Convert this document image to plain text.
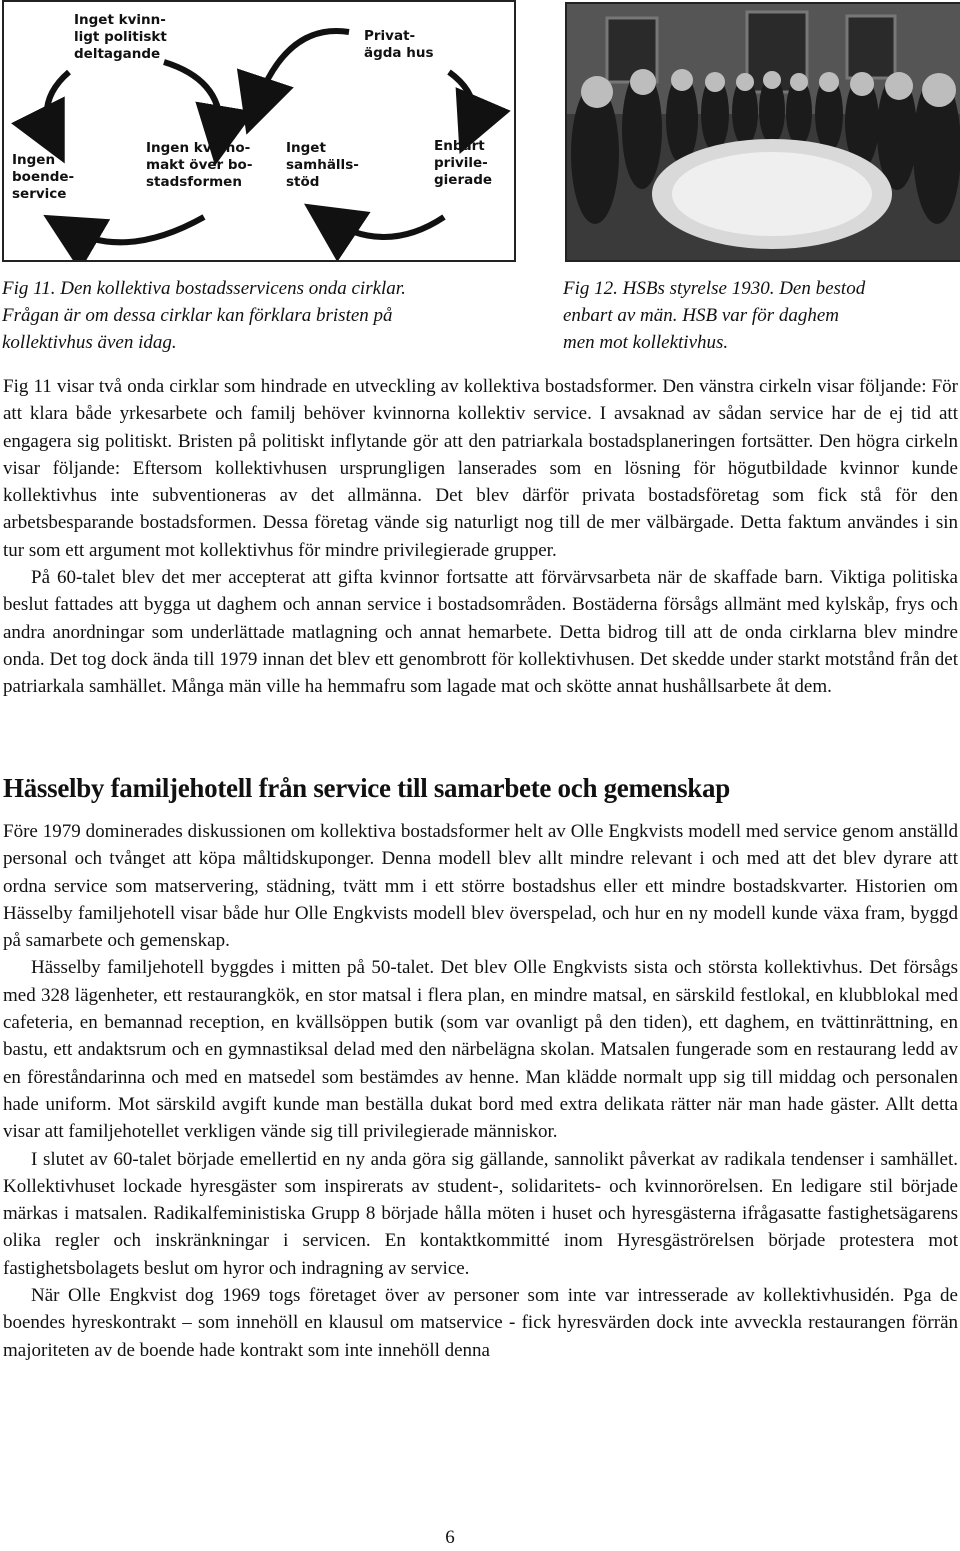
Inget kvinn- ligt politiskt deltagande
Ingen boende- service
Ingen kvinno- makt över bo- stadsformen
Inget samhälls- stöd
Privat- ägda hus
Enbart privile- gierade
Fig 11. Den kollektiva bostadsservicens onda cirklar.
Frågan är om dessa cirklar kan förklara bristen på
kollektivhus även idag.
Fig 12. HSBs styrelse 1930. Den bestod
enbart av män. HSB var för daghem
men mot kollektivhus.

Fig 11 visar två onda cirklar som hindrade en utveckling av kollektiva bostadsformer. Den vänstra cirkeln visar följande: För att klara både yrkesarbete och familj behöver kvinnorna kollektiv service. I avsaknad av sådan service har de ej tid att engagera sig politiskt. Bristen på politiskt inflytande gör att den patriarkala bostadsplaneringen fortsätter. Den högra cirkeln visar följande: Eftersom kollektivhusen ursprungligen lanserades som en lösning för högutbildade kvinnor kunde kollektivhus inte subventioneras av det allmänna. Det blev därför privata bostadsföretag som fick stå för den arbetsbesparande bostadsformen. Dessa företag vände sig naturligt nog till de mer välbärgade. Detta faktum användes i sin tur som ett argument mot kollektivhus för mindre privilegierade grupper.

På 60-talet blev det mer accepterat att gifta kvinnor fortsatte att förvärvsarbeta när de skaffade barn. Viktiga politiska beslut fattades att bygga ut daghem och annan service i bostadsområden. Bostäderna försågs allmänt med kylskåp, frys och andra anordningar som underlättade matlagning och annat hemarbete. Detta bidrog till att de onda cirklarna blev mindre onda. Det tog dock ända till 1979 innan det blev ett genombrott för kollektivhusen. Det skedde under starkt motstånd från det patriarkala samhället. Många män ville ha hemmafru som lagade mat och skötte annat hushållsarbete åt dem.

Hässelby familjehotell från service till samarbete och gemenskap

Före 1979 dominerades diskussionen om kollektiva bostadsformer helt av Olle Engkvists modell med service genom anställd personal och tvånget att köpa måltidskuponger. Denna modell blev allt mindre relevant i och med att det blev dyrare att ordna service som matservering, städning, tvätt mm i ett större bostadshus eller ett mindre bostadskvarter. Historien om Hässelby familjehotell visar både hur Olle Engkvists modell blev överspelad, och hur en ny modell kunde växa fram, byggd på samarbete och gemenskap.

Hässelby familjehotell byggdes i mitten på 50-talet. Det blev Olle Engkvists sista och största kollektivhus. Det försågs med 328 lägenheter, ett restaurangkök, en stor matsal i flera plan, en mindre matsal, en särskild festlokal, en klubblokal med cafeteria, en bemannad reception, en kvällsöppen butik (som var ovanligt på den tiden), ett daghem, en tvättinrättning, en bastu, ett andaktsrum och en gymnastiksal delad med den närbelägna skolan. Matsalen fungerade som en restaurang ledd av en föreståndarinna och med en matsedel som bestämdes av henne. Man klädde normalt upp sig till middag och personalen hade uniform. Mot särskild avgift kunde man beställa dukat bord med extra delikata rätter när man hade gäster. Allt detta visar att familjehotellet verkligen vände sig till privilegierade människor.

I slutet av 60-talet började emellertid en ny anda göra sig gällande, sannolikt påverkat av radikala tendenser i samhället. Kollektivhuset lockade hyresgäster som inspirerats av student-, solidaritets- och kvinnorörelsen. En ledigare stil började märkas i matsalen. Radikalfeministiska Grupp 8 började hålla möten i huset och hyresgästerna ifrågasatte fastighetsägarens olika regler och inskränkningar i servicen. En kontaktkommitté inom Hyresgäströrelsen började protestera mot fastighetsbolagets beslut om hyror och indragning av service.

När Olle Engkvist dog 1969 togs företaget över av personer som inte var intresserade av kollektivhusidén. Pga de boendes hyreskontrakt – som innehöll en klausul om matservice - fick hyresvärden dock inte avveckla restaurangen förrän majoriteten av de boende hade kontrakt som inte innehöll denna

6
